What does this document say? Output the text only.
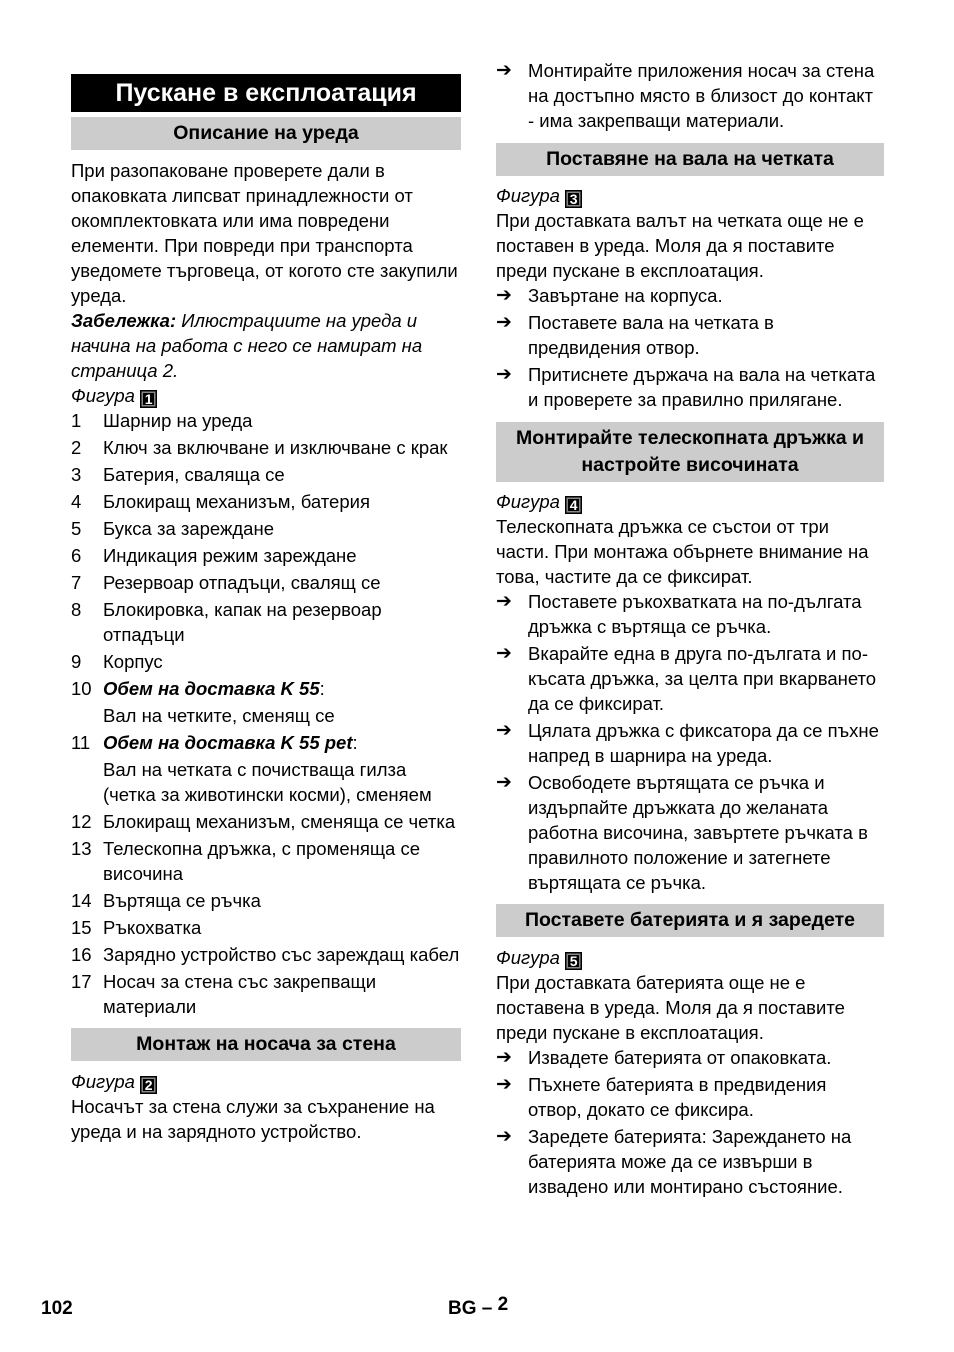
Пускане в експлоатация
Описание на уреда

При разопаковане проверете дали в опаковката липсват принадлежности от окомплектовката или има повредени елементи. При повреди при транспорта уведомете търговеца, от когото сте закупили уреда.

Забележка: Илюстрациите на уреда и начина на работа с него се намират на страница 2.

Фигура 1

1	Шарнир на уреда
2	Ключ за включване и изключване с крак
3	Батерия, сваляща се
4	Блокиращ механизъм, батерия
5	Букса за зареждане
6	Индикация режим зареждане
7	Резервоар отпадъци, свалящ се
8	Блокировка, капак на резервоар отпадъци
9	Корпус
10 Обем на доставка K 55:
Вал на четките, сменящ се
11 Обем на доставка K 55 pet:
Вал на четката с почистваща гилза (четка за животински косми), сменяем
12 Блокиращ механизъм, сменяща се четка
13 Телескопна дръжка, с променяща се височина
14 Въртяща се ръчка
15 Ръкохватка
16 Зарядно устройство със зареждащ кабел
17 Носач за стена със закрепващи материали
Монтаж на носача за стена

Фигура 2

Носачът за стена служи за съхранение на уреда и на зарядното устройство.

➔ Монтирайте приложения носач за стена на достъпно място в близост до контакт - има закрепващи материали.
Поставяне на вала на четката

Фигура 3

При доставката валът на четката още не е поставен в уреда. Моля да я поставите преди пускане в експлоатация.

➔ Завъртане на корпуса.
➔ Поставете вала на четката в предвидения отвор.
➔ Притиснете държача на вала на четката и проверете за правилно прилягане.
Монтирайте телескопната дръжка и настройте височината

Фигура 4

Телескопната дръжка се състои от три части. При монтажа обърнете внимание на това, частите да се фиксират.

➔ Поставете ръкохватката на по-дългата дръжка с въртяща се ръчка.
➔ Вкарайте една в друга по-дългата и по-късата дръжка, за целта при вкарването да се фиксират.
➔ Цялата дръжка с фиксатора да се пъхне напред в шарнира на уреда.
➔ Освободете въртящата се ръчка и издърпайте дръжката до желаната работна височина, завъртете ръчката в правилното положение и затегнете въртящата се ръчка.
Поставете батерията и я заредете

Фигура 5

При доставката батерията още не е поставена в уреда. Моля да я поставите преди пускане в експлоатация.

➔ Извадете батерията от опаковката.
➔ Пъхнете батерията в предвидения отвор, докато се фиксира.
➔ Заредете батерията: Зареждането на батерията може да се извърши в извадено или монтирано състояние.
102	BG – 2
